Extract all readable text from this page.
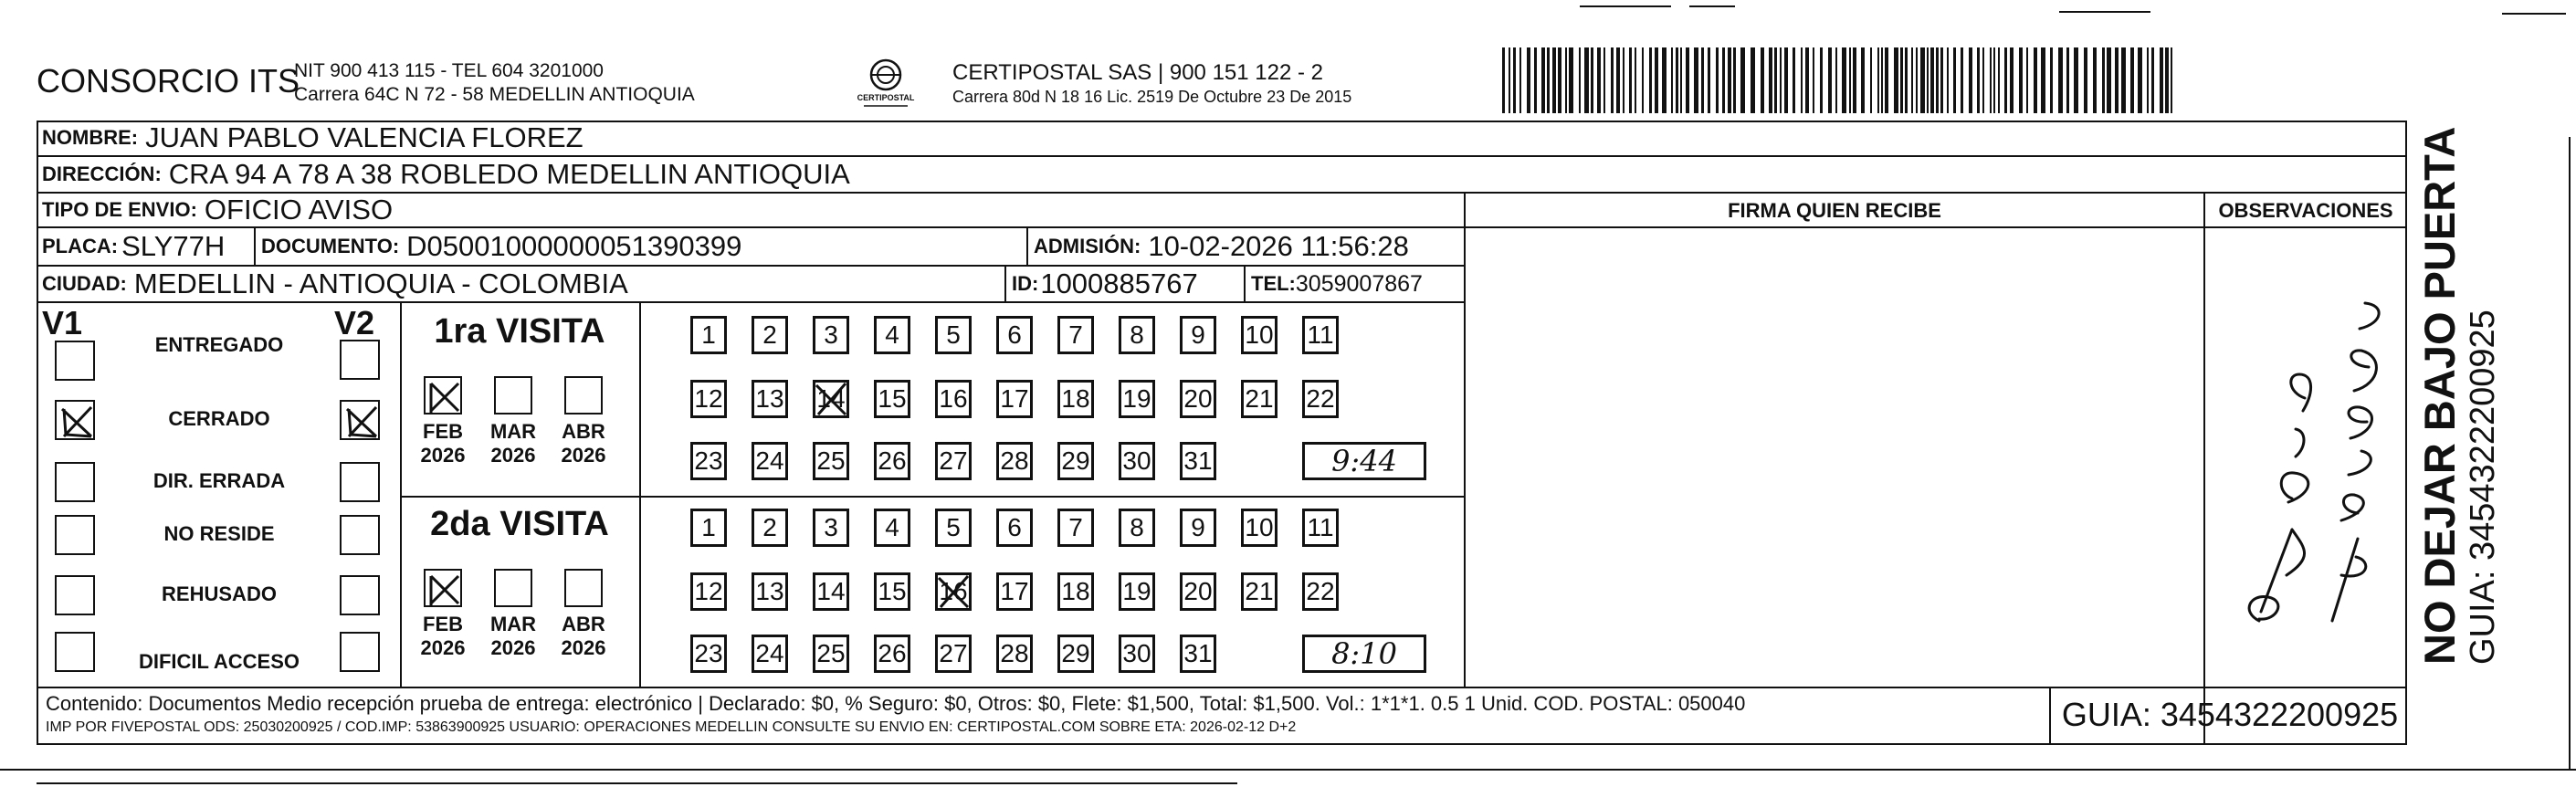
CONSORCIO ITS
NIT 900 413 115 - TEL 604 3201000
Carrera 64C N 72 - 58 MEDELLIN ANTIOQUIA	CERTIPOSTAL
CERTIPOSTAL SAS | 900 151 122 - 2
Carrera 80d N 18 16 Lic. 2519 De Octubre 23 De 2015
NOMBRE: JUAN PABLO VALENCIA FLOREZ
DIRECCIÓN: CRA 94 A 78 A 38 ROBLEDO MEDELLIN ANTIOQUIA
TIPO DE ENVIO: OFICIO AVISO	FIRMA QUIEN RECIBE	OBSERVACIONES
PLACA: SLY77H DOCUMENTO: D05001000000051390399	ADMISIÓN: 10-02-2026 11:56:28
CIUDAD: MEDELLIN - ANTIOQUIA - COLOMBIA	ID: 1000885767	TEL: 3059007867
V1	V2
ENTREGADO
CERRADO
DIR. ERRADA
NO RESIDE
REHUSADO
DIFICIL ACCESO
1ra VISITA
FEB
2026
MAR
2026
ABR
2026
1	2	3	4	5	6	7	8	9	10 11
12 13 14 15 16 17 18 19 20 21 22
23 24 25 26 27 28 29 30 31	9:44
2da VISITA
FEB
2026
MAR
2026
ABR
2026
1	2	3	4	5	6	7	8	9	10 11
12 13 14 15 16 17 18 19 20 21 22
23 24 25 26 27 28 29 30 31	8:10
Contenido: Documentos Medio recepción prueba de entrega: electrónico | Declarado: $0, % Seguro: $0, Otros: $0, Flete: $1,500, Total: $1,500. Vol.: 1*1*1. 0.5 1 Unid. COD. POSTAL: 050040
IMP POR FIVEPOSTAL ODS: 25030200925 / COD.IMP: 53863900925 USUARIO: OPERACIONES MEDELLIN CONSULTE SU ENVIO EN: CERTIPOSTAL.COM SOBRE ETA: 2026-02-12 D+2	GUIA: 3454322200925
NO DEJAR BAJO PUERTA GUIA: 3454322200925
